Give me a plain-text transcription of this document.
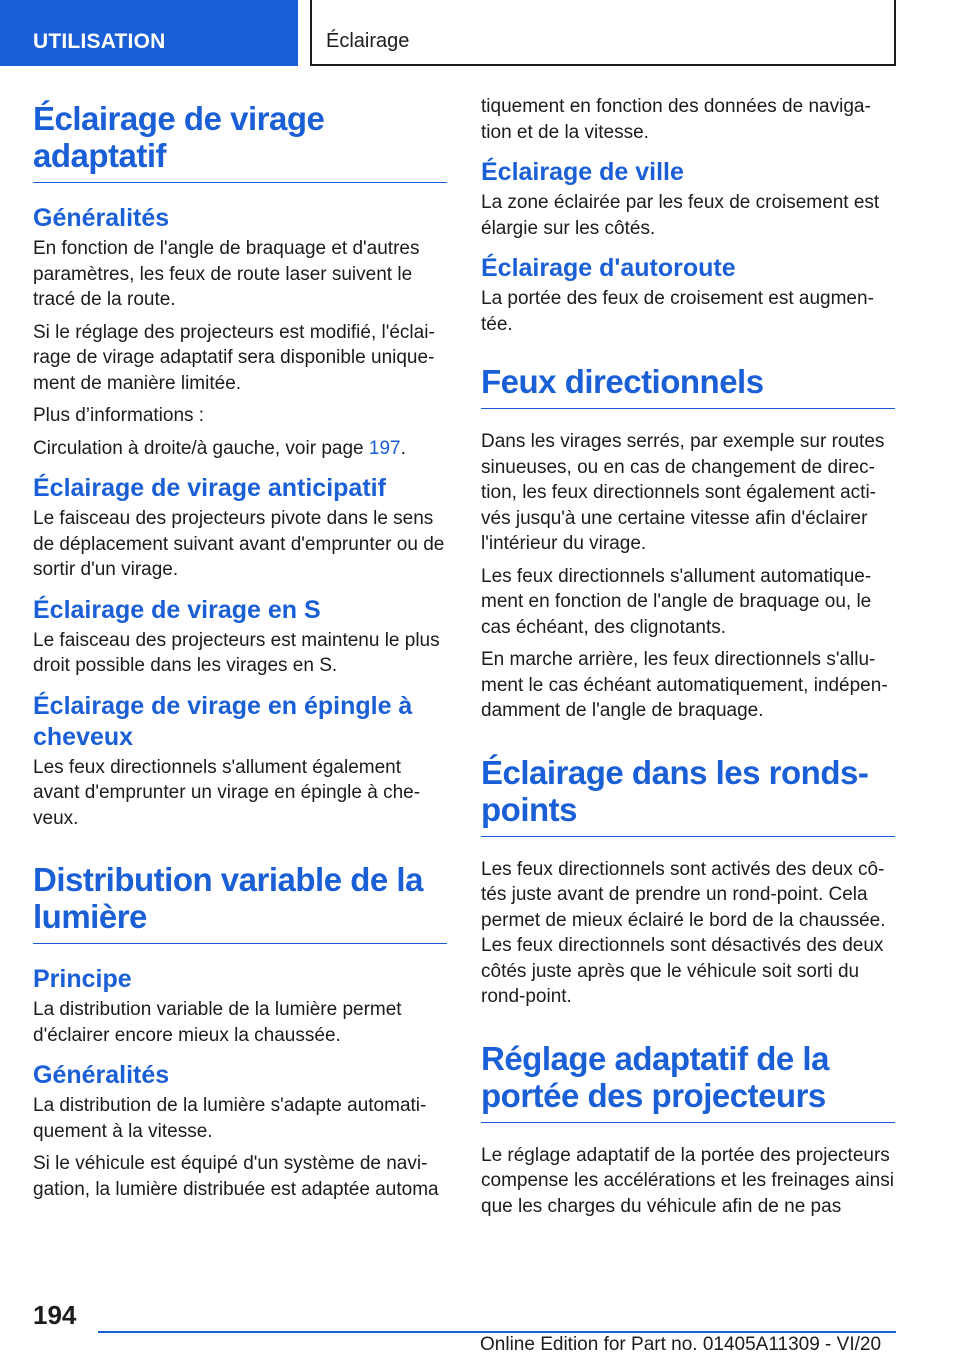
UTILISATION	Éclairage
Éclairage de virage adaptatif
Généralités

En fonction de l'angle de braquage et d'autres paramètres, les feux de route laser suivent le tracé de la route.

Si le réglage des projecteurs est modifié, l'éclairage de virage adaptatif sera disponible uniquement de manière limitée.

Plus d’informations :

Circulation à droite/à gauche, voir page 197.

Éclairage de virage anticipatif

Le faisceau des projecteurs pivote dans le sens de déplacement suivant avant d'emprunter ou de sortir d'un virage.

Éclairage de virage en S

Le faisceau des projecteurs est maintenu le plus droit possible dans les virages en S.

Éclairage de virage en épingle à cheveux

Les feux directionnels s'allument également avant d'emprunter un virage en épingle à cheveux.

Distribution variable de la lumière
Principe

La distribution variable de la lumière permet d'éclairer encore mieux la chaussée.

Généralités

La distribution de la lumière s'adapte automatiquement à la vitesse.

Si le véhicule est équipé d'un système de navigation, la lumière distribuée est adaptée automa

tiquement en fonction des données de navigation et de la vitesse.

Éclairage de ville

La zone éclairée par les feux de croisement est élargie sur les côtés.

Éclairage d'autoroute

La portée des feux de croisement est augmentée.

Feux directionnels

Dans les virages serrés, par exemple sur routes sinueuses, ou en cas de changement de direction, les feux directionnels sont également activés jusqu'à une certaine vitesse afin d'éclairer l'intérieur du virage.

Les feux directionnels s'allument automatiquement en fonction de l'angle de braquage ou, le cas échéant, des clignotants.

En marche arrière, les feux directionnels s'allument le cas échéant automatiquement, indépendamment de l'angle de braquage.

Éclairage dans les ronds-points

Les feux directionnels sont activés des deux côtés juste avant de prendre un rond-point. Cela permet de mieux éclairé le bord de la chaussée. Les feux directionnels sont désactivés des deux côtés juste après que le véhicule soit sorti du rond-point.

Réglage adaptatif de la portée des projecteurs

Le réglage adaptatif de la portée des projecteurs compense les accélérations et les freinages ainsi que les charges du véhicule afin de ne pas

194
Online Edition for Part no. 01405A11309 - VI/20
